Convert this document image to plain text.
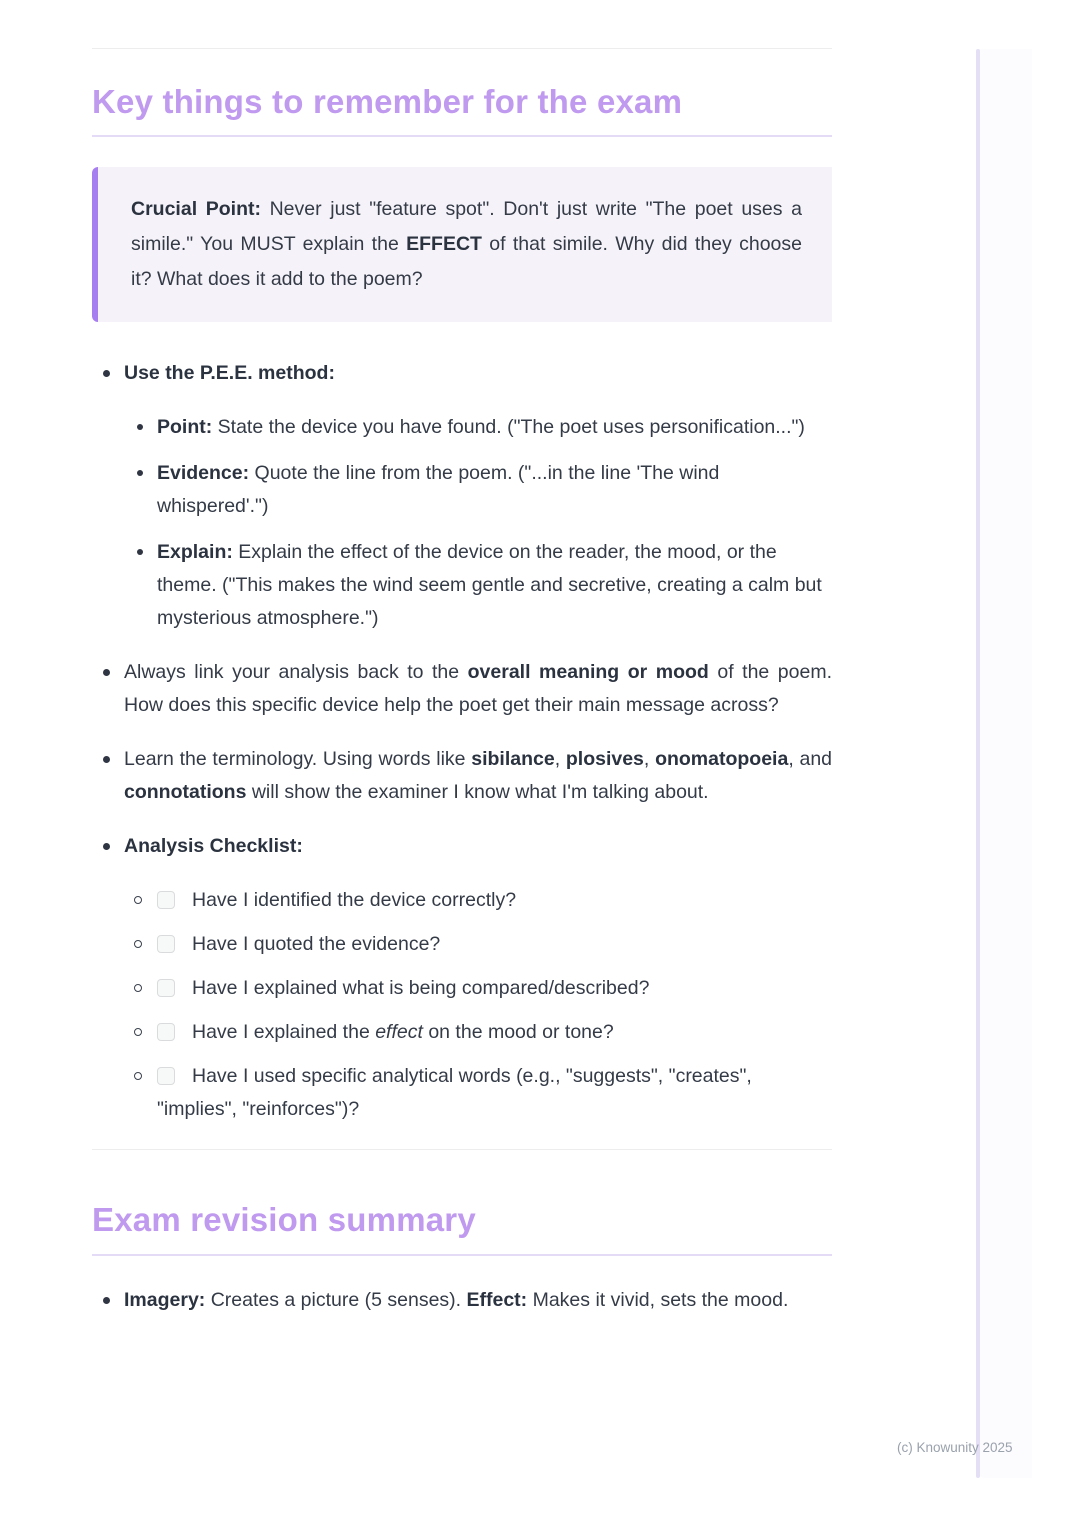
Key things to remember for the exam
Crucial Point: Never just "feature spot". Don't just write "The poet uses a simile." You MUST explain the EFFECT of that simile. Why did they choose it? What does it add to the poem?
Use the P.E.E. method:
Point: State the device you have found. ("The poet uses personification...")
Evidence: Quote the line from the poem. ("...in the line 'The wind whispered'.")
Explain: Explain the effect of the device on the reader, the mood, or the theme. ("This makes the wind seem gentle and secretive, creating a calm but mysterious atmosphere.")
Always link your analysis back to the overall meaning or mood of the poem. How does this specific device help the poet get their main message across?
Learn the terminology. Using words like sibilance, plosives, onomatopoeia, and connotations will show the examiner I know what I'm talking about.
Analysis Checklist:
Have I identified the device correctly?
Have I quoted the evidence?
Have I explained what is being compared/described?
Have I explained the effect on the mood or tone?
Have I used specific analytical words (e.g., "suggests", "creates", "implies", "reinforces")?
Exam revision summary
Imagery: Creates a picture (5 senses). Effect: Makes it vivid, sets the mood.
(c) Knowunity 2025
